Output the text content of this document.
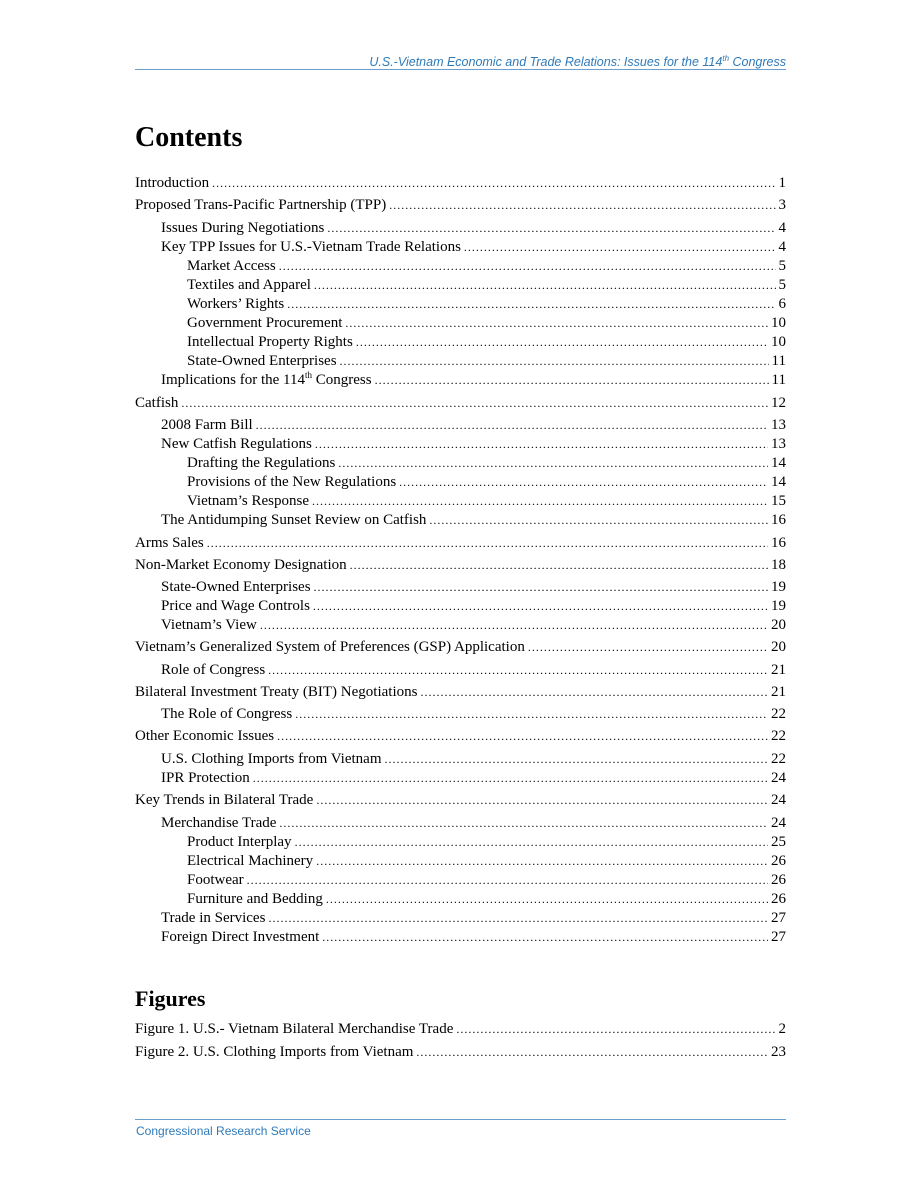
U.S.-Vietnam Economic and Trade Relations: Issues for the 114th Congress
Contents
Introduction .....	1
Proposed Trans-Pacific Partnership (TPP) .....	3
Issues During Negotiations .....	4
Key TPP Issues for U.S.-Vietnam Trade Relations .....	4
Market Access .....	5
Textiles and Apparel .....	5
Workers’ Rights .....	6
Government Procurement .....	10
Intellectual Property Rights .....	10
State-Owned Enterprises .....	11
Implications for the 114th Congress .....	11
Catfish .....	12
2008 Farm Bill .....	13
New Catfish Regulations .....	13
Drafting the Regulations .....	14
Provisions of the New Regulations .....	14
Vietnam’s Response .....	15
The Antidumping Sunset Review on Catfish .....	16
Arms Sales .....	16
Non-Market Economy Designation .....	18
State-Owned Enterprises .....	19
Price and Wage Controls .....	19
Vietnam’s View .....	20
Vietnam’s Generalized System of Preferences (GSP) Application .....	20
Role of Congress .....	21
Bilateral Investment Treaty (BIT) Negotiations .....	21
The Role of Congress .....	22
Other Economic Issues .....	22
U.S. Clothing Imports from Vietnam .....	22
IPR Protection .....	24
Key Trends in Bilateral Trade .....	24
Merchandise Trade .....	24
Product Interplay .....	25
Electrical Machinery .....	26
Footwear .....	26
Furniture and Bedding .....	26
Trade in Services .....	27
Foreign Direct Investment .....	27
Figures
Figure 1. U.S.- Vietnam Bilateral Merchandise Trade .....	2
Figure 2. U.S. Clothing Imports from Vietnam .....	23
Congressional Research Service
